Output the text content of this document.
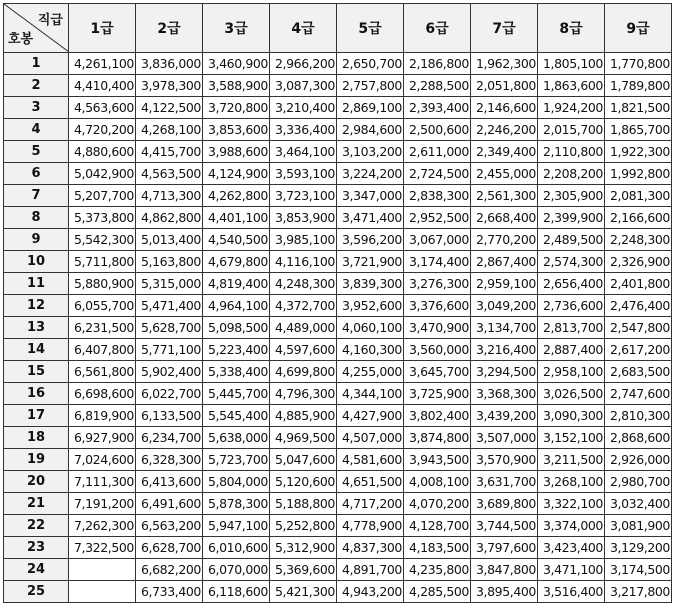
직급
호봉	1급	2급	3급	4급	5급	6급	7급	8급	9급
1	4,261,100	3,836,000	3,460,900	2,966,200	2,650,700	2,186,800	1,962,300	1,805,100	1,770,800
2	4,410,400	3,978,300	3,588,900	3,087,300	2,757,800	2,288,500	2,051,800	1,863,600	1,789,800
3	4,563,600	4,122,500	3,720,800	3,210,400	2,869,100	2,393,400	2,146,600	1,924,200	1,821,500
4	4,720,200	4,268,100	3,853,600	3,336,400	2,984,600	2,500,600	2,246,200	2,015,700	1,865,700
5	4,880,600	4,415,700	3,988,600	3,464,100	3,103,200	2,611,000	2,349,400	2,110,800	1,922,300
6	5,042,900	4,563,500	4,124,900	3,593,100	3,224,200	2,724,500	2,455,000	2,208,200	1,992,800
7	5,207,700	4,713,300	4,262,800	3,723,100	3,347,000	2,838,300	2,561,300	2,305,900	2,081,300
8	5,373,800	4,862,800	4,401,100	3,853,900	3,471,400	2,952,500	2,668,400	2,399,900	2,166,600
9	5,542,300	5,013,400	4,540,500	3,985,100	3,596,200	3,067,000	2,770,200	2,489,500	2,248,300
10	5,711,800	5,163,800	4,679,800	4,116,100	3,721,900	3,174,400	2,867,400	2,574,300	2,326,900
11	5,880,900	5,315,000	4,819,400	4,248,300	3,839,300	3,276,300	2,959,100	2,656,400	2,401,800
12	6,055,700	5,471,400	4,964,100	4,372,700	3,952,600	3,376,600	3,049,200	2,736,600	2,476,400
13	6,231,500	5,628,700	5,098,500	4,489,000	4,060,100	3,470,900	3,134,700	2,813,700	2,547,800
14	6,407,800	5,771,100	5,223,400	4,597,600	4,160,300	3,560,000	3,216,400	2,887,400	2,617,200
15	6,561,800	5,902,400	5,338,400	4,699,800	4,255,000	3,645,700	3,294,500	2,958,100	2,683,500
16	6,698,600	6,022,700	5,445,700	4,796,300	4,344,100	3,725,900	3,368,300	3,026,500	2,747,600
17	6,819,900	6,133,500	5,545,400	4,885,900	4,427,900	3,802,400	3,439,200	3,090,300	2,810,300
18	6,927,900	6,234,700	5,638,000	4,969,500	4,507,000	3,874,800	3,507,000	3,152,100	2,868,600
19	7,024,600	6,328,300	5,723,700	5,047,600	4,581,600	3,943,500	3,570,900	3,211,500	2,926,000
20	7,111,300	6,413,600	5,804,000	5,120,600	4,651,500	4,008,100	3,631,700	3,268,100	2,980,700
21	7,191,200	6,491,600	5,878,300	5,188,800	4,717,200	4,070,200	3,689,800	3,322,100	3,032,400
22	7,262,300	6,563,200	5,947,100	5,252,800	4,778,900	4,128,700	3,744,500	3,374,000	3,081,900
23	7,322,500	6,628,700	6,010,600	5,312,900	4,837,300	4,183,500	3,797,600	3,423,400	3,129,200
24		6,682,200	6,070,000	5,369,600	4,891,700	4,235,800	3,847,800	3,471,100	3,174,500
25		6,733,400	6,118,600	5,421,300	4,943,200	4,285,500	3,895,400	3,516,400	3,217,800
